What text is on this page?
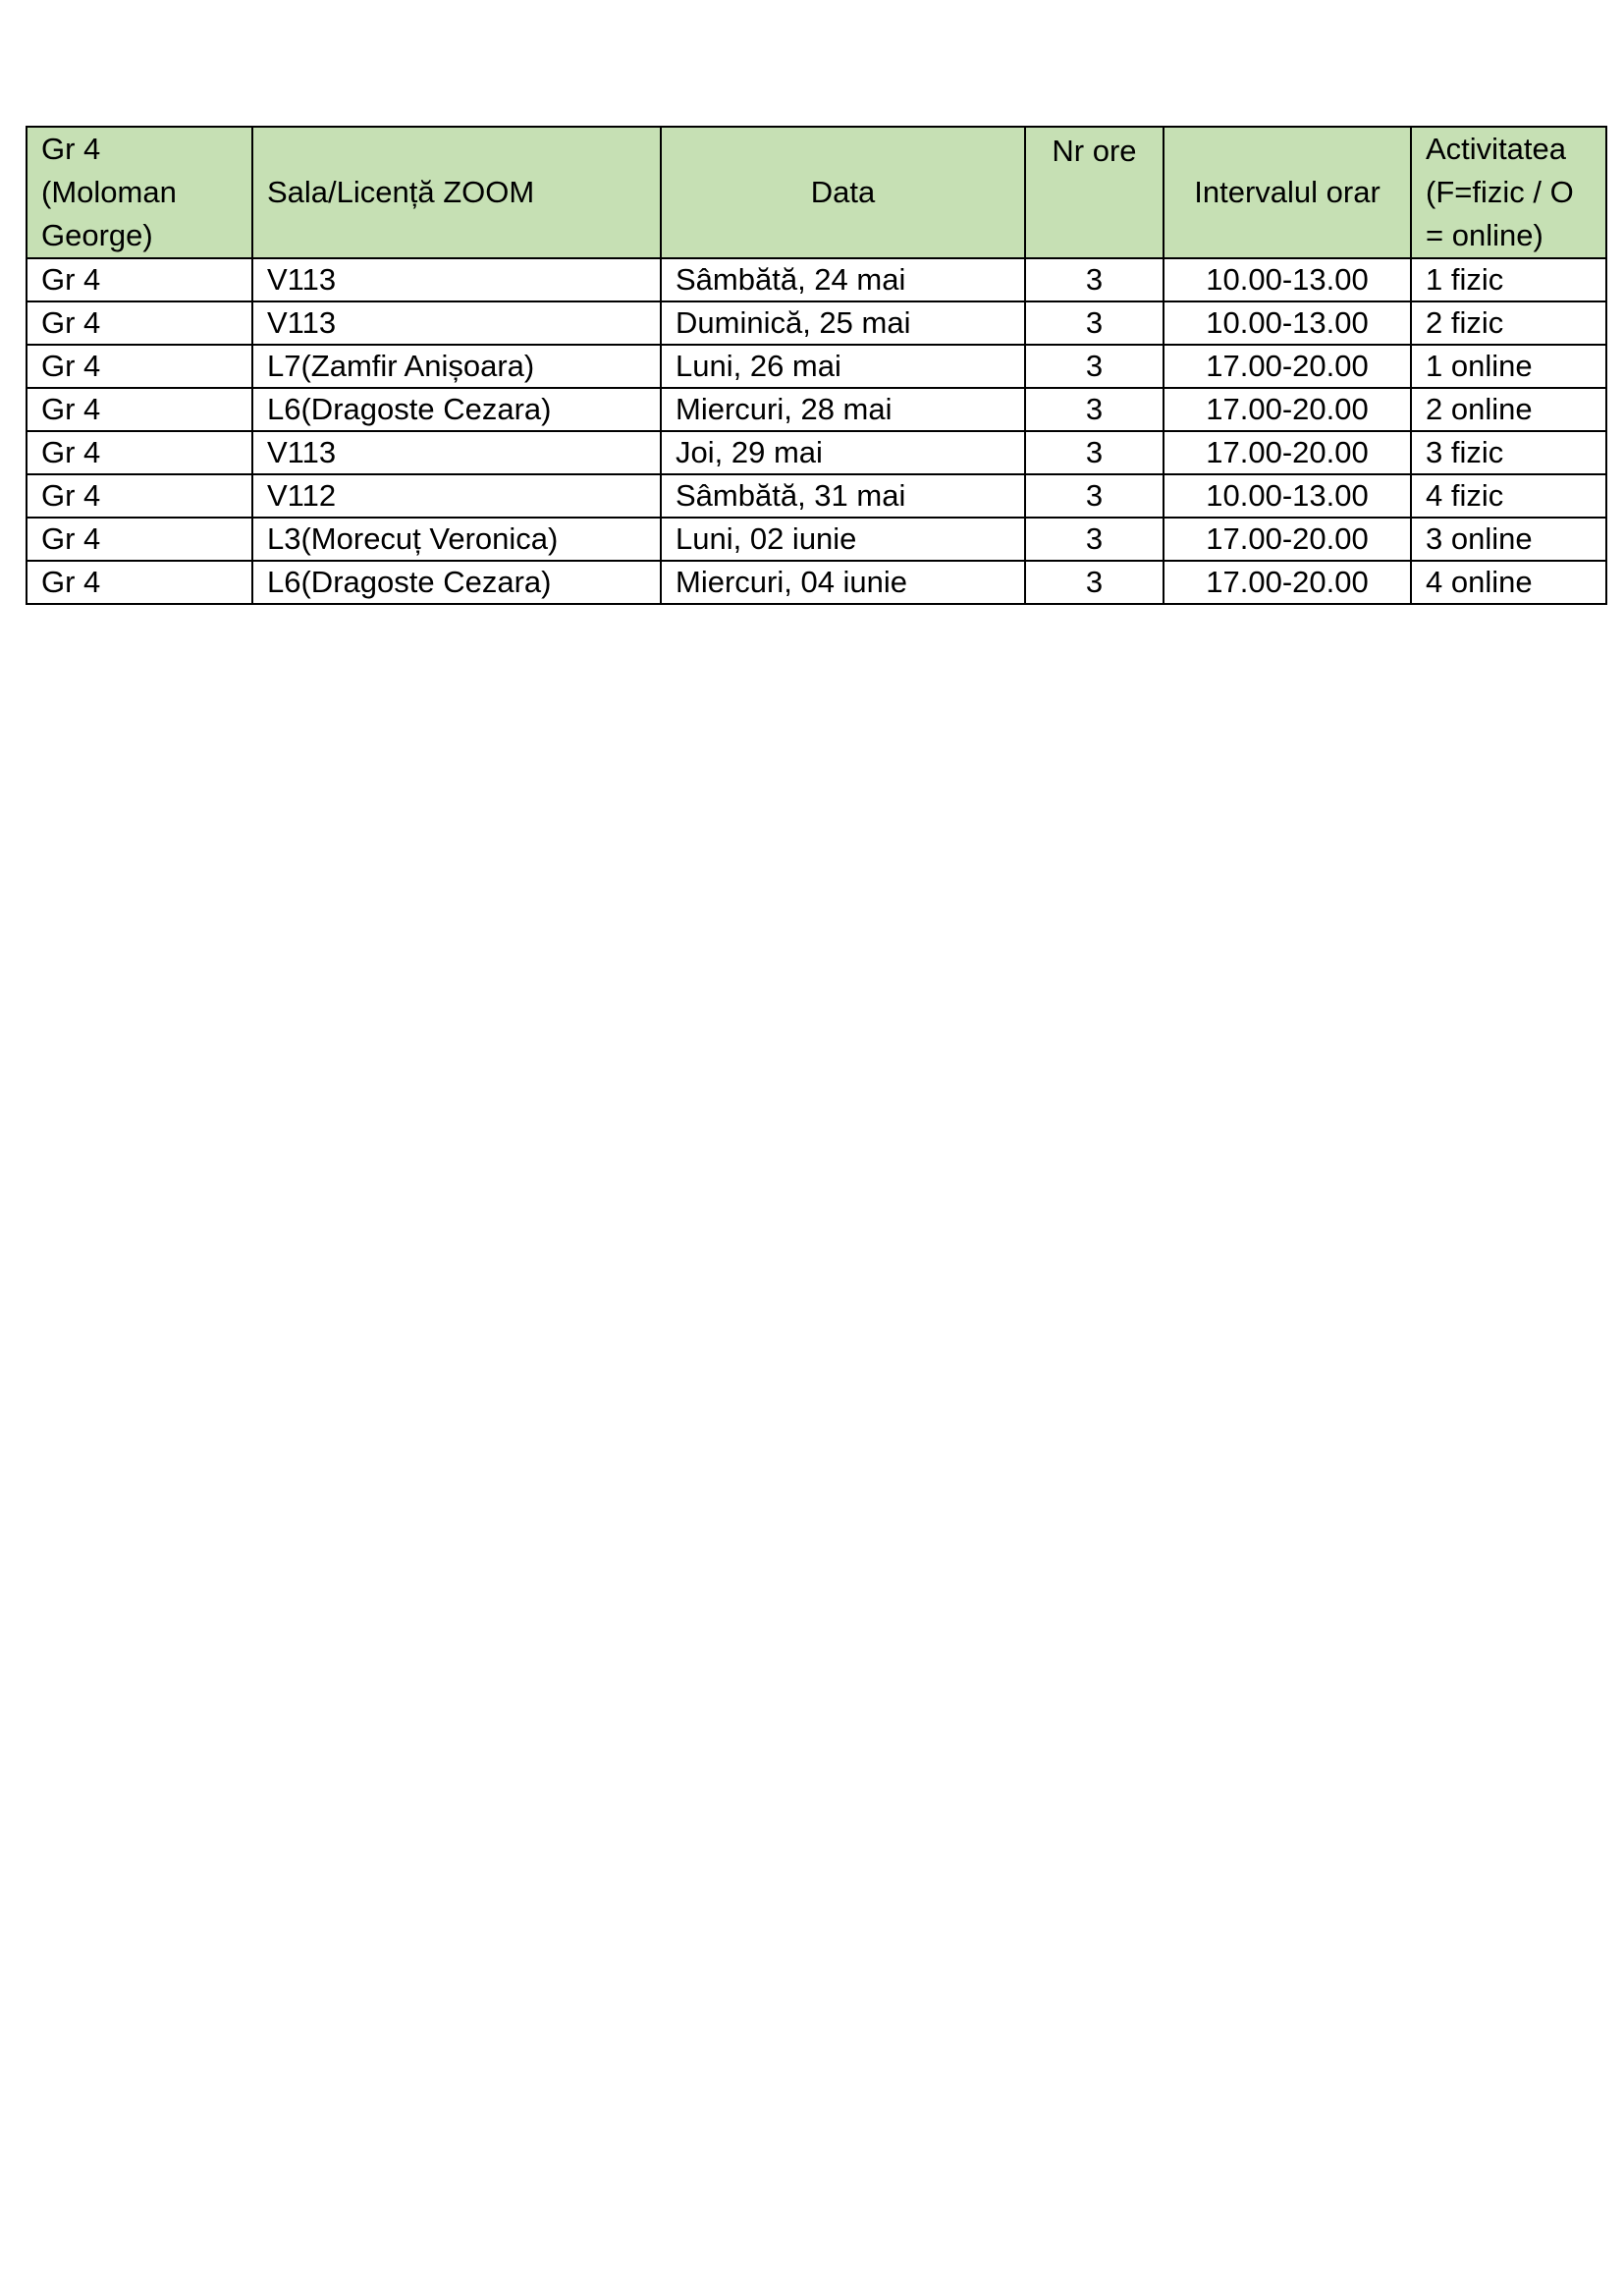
Gr 4 (Moloman George)	Sala/Licență ZOOM	Data	Nr ore	Intervalul orar	Activitatea (F=fizic / O = online)

Gr 4	V113	Sâmbătă, 24 mai	3	10.00-13.00	1 fizic
Gr 4	V113	Duminică, 25 mai	3	10.00-13.00	2 fizic
Gr 4	L7(Zamfir Anișoara)	Luni, 26 mai	3	17.00-20.00	1 online
Gr 4	L6(Dragoste Cezara)	Miercuri, 28 mai	3	17.00-20.00	2 online
Gr 4	V113	Joi, 29 mai	3	17.00-20.00	3 fizic
Gr 4	V112	Sâmbătă, 31 mai	3	10.00-13.00	4 fizic
Gr 4	L3(Morecuț Veronica)	Luni, 02 iunie	3	17.00-20.00	3 online
Gr 4	L6(Dragoste Cezara)	Miercuri, 04 iunie	3	17.00-20.00	4 online
